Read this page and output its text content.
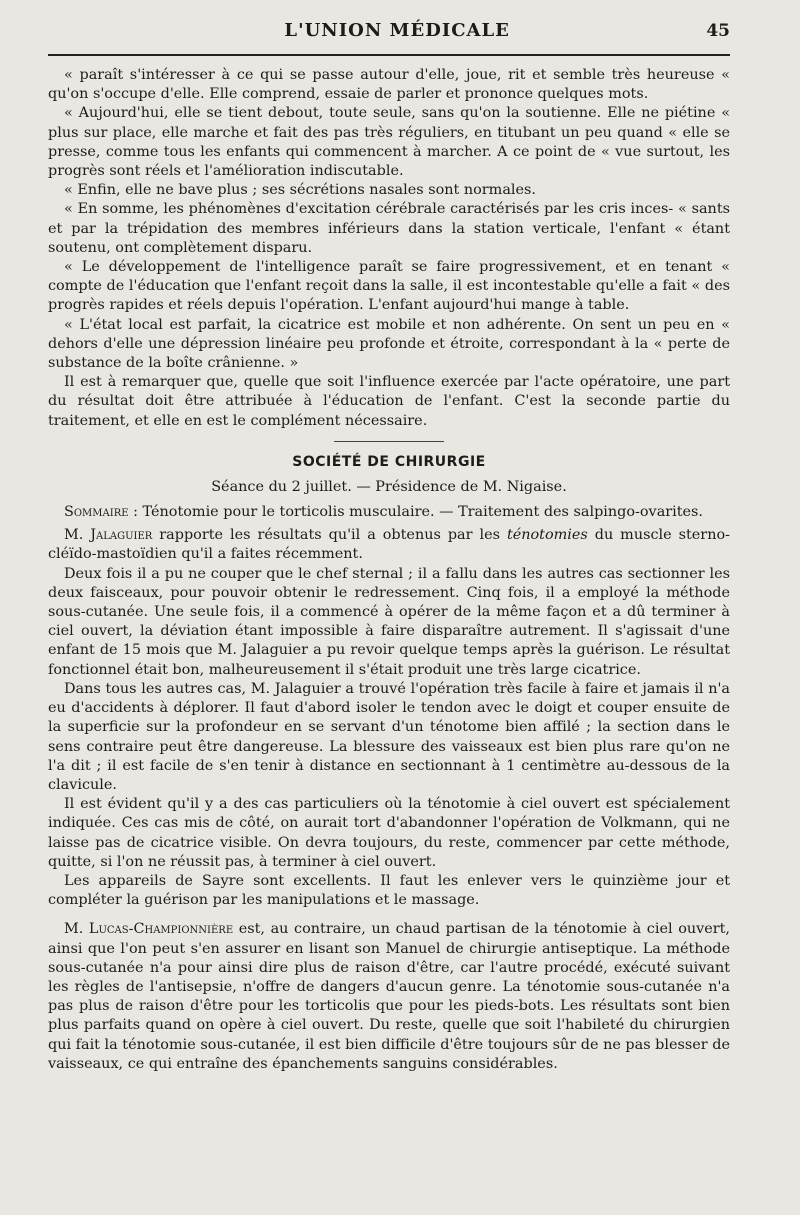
L'UNION MÉDICALE	45

« paraît s'intéresser à ce qui se passe autour d'elle, joue, rit et semble très heureuse « qu'on s'occupe d'elle. Elle comprend, essaie de parler et prononce quelques mots.

« Aujourd'hui, elle se tient debout, toute seule, sans qu'on la soutienne. Elle ne piétine « plus sur place, elle marche et fait des pas très réguliers, en titubant un peu quand « elle se presse, comme tous les enfants qui commencent à marcher. A ce point de « vue surtout, les progrès sont réels et l'amélioration indiscutable.

« Enfin, elle ne bave plus ; ses sécrétions nasales sont normales.

« En somme, les phénomènes d'excitation cérébrale caractérisés par les cris inces- « sants et par la trépidation des membres inférieurs dans la station verticale, l'enfant « étant soutenu, ont complètement disparu.

« Le développement de l'intelligence paraît se faire progressivement, et en tenant « compte de l'éducation que l'enfant reçoit dans la salle, il est incontestable qu'elle a fait « des progrès rapides et réels depuis l'opération. L'enfant aujourd'hui mange à table.

« L'état local est parfait, la cicatrice est mobile et non adhérente. On sent un peu en « dehors d'elle une dépression linéaire peu profonde et étroite, correspondant à la « perte de substance de la boîte crânienne. »

Il est à remarquer que, quelle que soit l'influence exercée par l'acte opératoire, une part du résultat doit être attribuée à l'éducation de l'enfant. C'est la seconde partie du traitement, et elle en est le complément nécessaire.

SOCIÉTÉ DE CHIRURGIE

Séance du 2 juillet. — Présidence de M. Nigaise.

Sommaire : Ténotomie pour le torticolis musculaire. — Traitement des salpingo-ovarites.

M. Jalaguier rapporte les résultats qu'il a obtenus par les ténotomies du muscle sterno-cléïdo-mastoïdien qu'il a faites récemment.

Deux fois il a pu ne couper que le chef sternal ; il a fallu dans les autres cas sectionner les deux faisceaux, pour pouvoir obtenir le redressement. Cinq fois, il a employé la méthode sous-cutanée. Une seule fois, il a commencé à opérer de la même façon et a dû terminer à ciel ouvert, la déviation étant impossible à faire disparaître autrement. Il s'agissait d'une enfant de 15 mois que M. Jalaguier a pu revoir quelque temps après la guérison. Le résultat fonctionnel était bon, malheureusement il s'était produit une très large cicatrice.

Dans tous les autres cas, M. Jalaguier a trouvé l'opération très facile à faire et jamais il n'a eu d'accidents à déplorer. Il faut d'abord isoler le tendon avec le doigt et couper ensuite de la superficie sur la profondeur en se servant d'un ténotome bien affilé ; la section dans le sens contraire peut être dangereuse. La blessure des vaisseaux est bien plus rare qu'on ne l'a dit ; il est facile de s'en tenir à distance en sectionnant à 1 centimètre au-dessous de la clavicule.

Il est évident qu'il y a des cas particuliers où la ténotomie à ciel ouvert est spécialement indiquée. Ces cas mis de côté, on aurait tort d'abandonner l'opération de Volkmann, qui ne laisse pas de cicatrice visible. On devra toujours, du reste, commencer par cette méthode, quitte, si l'on ne réussit pas, à terminer à ciel ouvert.

Les appareils de Sayre sont excellents. Il faut les enlever vers le quinzième jour et compléter la guérison par les manipulations et le massage.

M. Lucas-Championnière est, au contraire, un chaud partisan de la ténotomie à ciel ouvert, ainsi que l'on peut s'en assurer en lisant son Manuel de chirurgie antiseptique. La méthode sous-cutanée n'a pour ainsi dire plus de raison d'être, car l'autre procédé, exécuté suivant les règles de l'antisepsie, n'offre de dangers d'aucun genre. La ténotomie sous-cutanée n'a pas plus de raison d'être pour les torticolis que pour les pieds-bots. Les résultats sont bien plus parfaits quand on opère à ciel ouvert. Du reste, quelle que soit l'habileté du chirurgien qui fait la ténotomie sous-cutanée, il est bien difficile d'être toujours sûr de ne pas blesser de vaisseaux, ce qui entraîne des épanchements sanguins considérables.
